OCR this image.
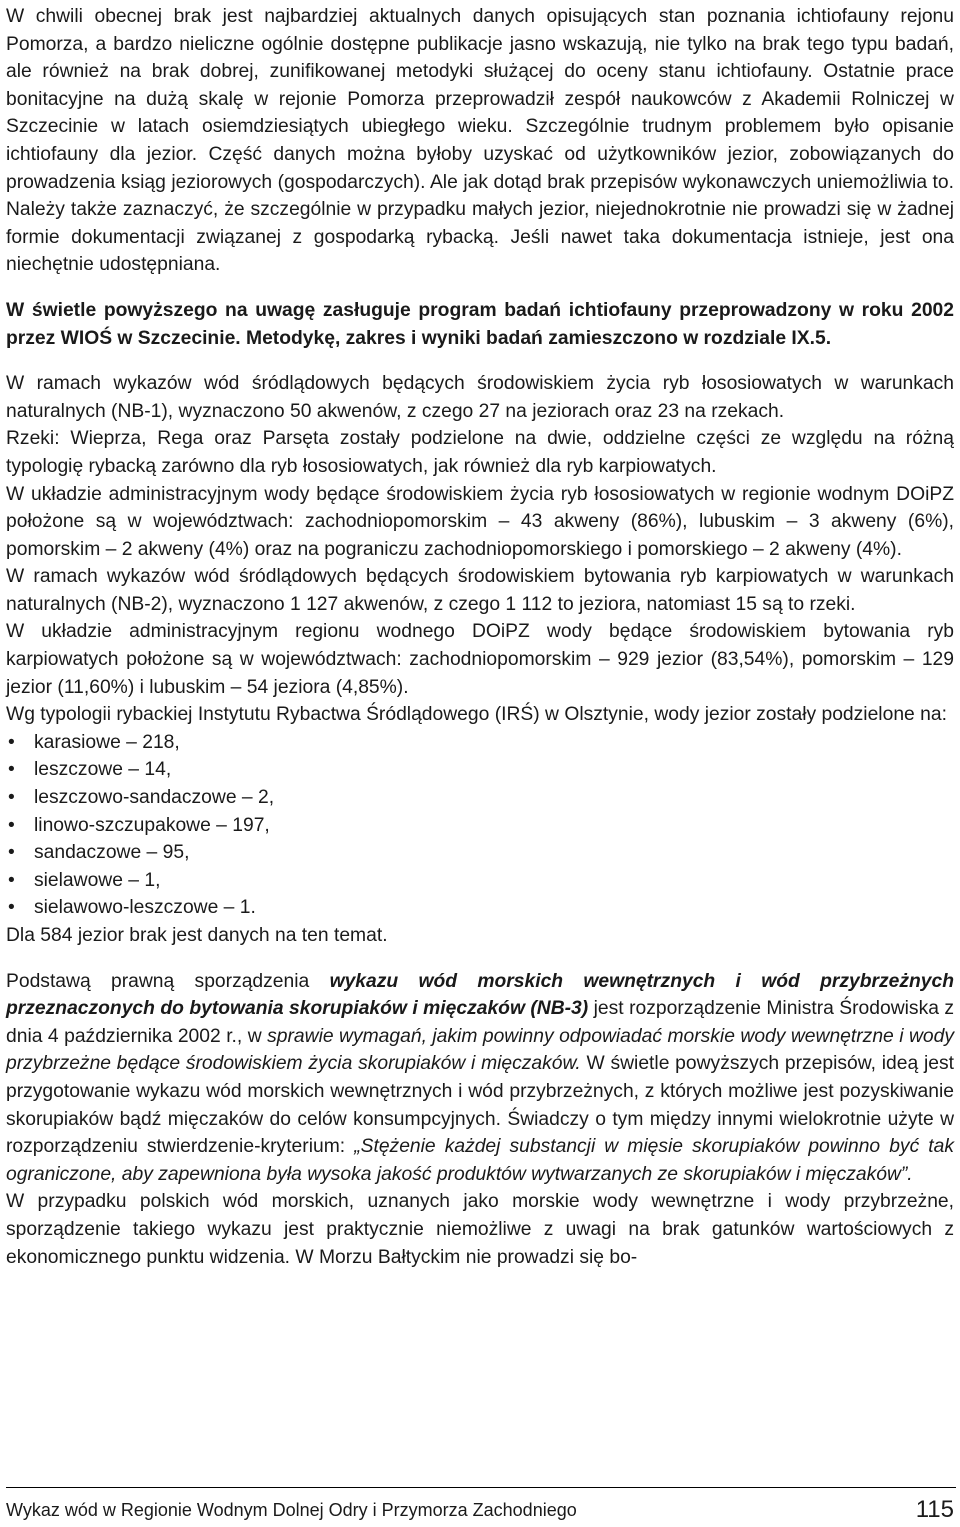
W chwili obecnej brak jest najbardziej aktualnych danych opisujących stan poznania ichtiofauny rejonu Pomorza, a bardzo nieliczne ogólnie dostępne publikacje jasno wskazują, nie tylko na brak tego typu badań, ale również na brak dobrej, zunifikowanej metodyki służącej do oceny stanu ichtiofauny. Ostatnie prace bonitacyjne na dużą skalę w rejonie Pomorza przeprowadził zespół naukowców z Akademii Rolniczej w Szczecinie w latach osiemdziesiątych ubiegłego wieku. Szczególnie trudnym problemem było opisanie ichtiofauny dla jezior. Część danych można byłoby uzyskać od użytkowników jezior, zobowiązanych do prowadzenia ksiąg jeziorowych (gospodarczych). Ale jak dotąd brak przepisów wykonawczych uniemożliwia to. Należy także zaznaczyć, że szczególnie w przypadku małych jezior, niejednokrotnie nie prowadzi się w żadnej formie dokumentacji związanej z gospodarką rybacką. Jeśli nawet taka dokumentacja istnieje, jest ona niechętnie udostępniana.

W świetle powyższego na uwagę zasługuje program badań ichtiofauny przeprowadzony w roku 2002 przez WIOŚ w Szczecinie. Metodykę, zakres i wyniki badań zamieszczono w rozdziale IX.5.

W ramach wykazów wód śródlądowych będących środowiskiem życia ryb łososiowatych w warunkach naturalnych (NB-1), wyznaczono 50 akwenów, z czego 27 na jeziorach oraz 23 na rzekach.

Rzeki: Wieprza, Rega oraz Parsęta zostały podzielone na dwie, oddzielne części ze względu na różną typologię rybacką zarówno dla ryb łososiowatych, jak również dla ryb karpiowatych.

W układzie administracyjnym wody będące środowiskiem życia ryb łososiowatych w regionie wodnym DOiPZ położone są w województwach: zachodniopomorskim – 43 akweny (86%), lubuskim – 3 akweny (6%), pomorskim – 2 akweny (4%) oraz na pograniczu zachodniopomorskiego i pomorskiego – 2 akweny (4%).

W ramach wykazów wód śródlądowych będących środowiskiem bytowania ryb karpiowatych w warunkach naturalnych (NB-2), wyznaczono 1 127 akwenów, z czego 1 112 to jeziora, natomiast 15 są to rzeki.

W układzie administracyjnym regionu wodnego DOiPZ wody będące środowiskiem bytowania ryb karpiowatych położone są w województwach: zachodniopomorskim – 929 jezior (83,54%), pomorskim – 129 jezior (11,60%) i lubuskim – 54 jeziora (4,85%).

Wg typologii rybackiej Instytutu Rybactwa Śródlądowego (IRŚ) w Olsztynie, wody jezior zostały podzielone na:

• karasiowe – 218,
• leszczowe – 14,
• leszczowo-sandaczowe – 2,
• linowo-szczupakowe – 197,
• sandaczowe – 95,
• sielawowe – 1,
• sielawowo-leszczowe – 1.

Dla 584 jezior brak jest danych na ten temat.

Podstawą prawną sporządzenia wykazu wód morskich wewnętrznych i wód przybrzeżnych przeznaczonych do bytowania skorupiaków i mięczaków (NB-3) jest rozporządzenie Ministra Środowiska z dnia 4 października 2002 r., w sprawie wymagań, jakim powinny odpowiadać morskie wody wewnętrzne i wody przybrzeżne będące środowiskiem życia skorupiaków i mięczaków. W świetle powyższych przepisów, ideą jest przygotowanie wykazu wód morskich wewnętrznych i wód przybrzeżnych, z których możliwe jest pozyskiwanie skorupiaków bądź mięczaków do celów konsumpcyjnych. Świadczy o tym między innymi wielokrotnie użyte w rozporządzeniu stwierdzenie-kryterium: „Stężenie każdej substancji w mięsie skorupiaków powinno być tak ograniczone, aby zapewniona była wysoka jakość produktów wytwarzanych ze skorupiaków i mięczaków”.

W przypadku polskich wód morskich, uznanych jako morskie wody wewnętrzne i wody przybrzeżne, sporządzenie takiego wykazu jest praktycznie niemożliwe z uwagi na brak gatunków wartościowych z ekonomicznego punktu widzenia. W Morzu Bałtyckim nie prowadzi się bo-

Wykaz wód w Regionie Wodnym Dolnej Odry i Przymorza Zachodniego	115
